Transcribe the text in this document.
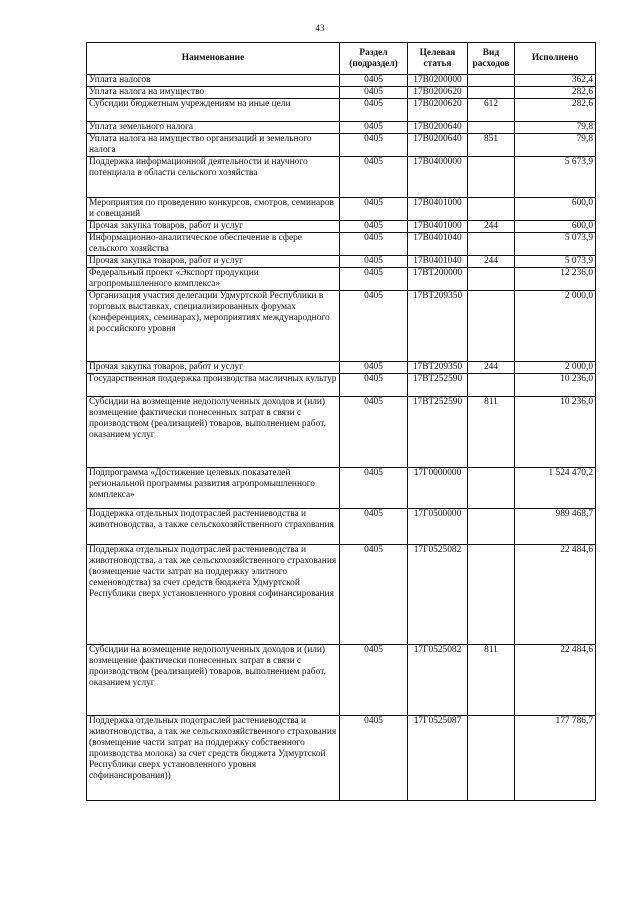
43
Наименование	Раздел (подраздел)	Целевая статья	Вид расходов	Исполнено
Уплата налогов	0405	17В0200000		362,4
Уплата налога на имущество	0405	17В0200620		282,6
Субсидии бюджетным учреждениям на иные цели	0405	17В0200620	612	282,6
Уплата земельного налога	0405	17В0200640		79,8
Уплата налога на имущество организаций и земельного налога	0405	17В0200640	851	79,8
Поддержка информационной деятельности и научного потенциала в области сельского хозяйства	0405	17В0400000		5 673,9
Мероприятия по проведению конкурсов, смотров, семинаров и совещаний	0405	17В0401000		600,0
Прочая закупка товаров, работ и услуг	0405	17В0401000	244	600,0
Информационно-аналитическое обеспечение в сфере сельского хозяйства	0405	17В0401040		5 073,9
Прочая закупка товаров, работ и услуг	0405	17В0401040	244	5 073,9
Федеральный проект «Экспорт продукции агропромышленного комплекса»	0405	17ВТ200000		12 236,0
Организация участия делегации Удмуртской Республики в торговых выставках, специализированных форумах (конференциях, семинарах), мероприятиях международного и российского уровня	0405	17ВТ209350		2 000,0
Прочая закупка товаров, работ и услуг	0405	17ВТ209350	244	2 000,0
Государственная поддержка производства масличных культур	0405	17ВТ252590		10 236,0
Субсидии на возмещение недополученных доходов и (или) возмещение фактически понесенных затрат в связи с производством (реализацией) товаров, выполнением работ, оказанием услуг	0405	17ВТ252590	811	10 236,0
Подпрограмма «Достижение целевых показателей региональной программы развития агропромышленного комплекса»	0405	17Г0000000		1 524 470,2
Поддержка отдельных подотраслей растениеводства и животноводства, а также сельскохозяйственного страхования	0405	17Г0500000		989 468,7
Поддержка отдельных подотраслей растениеводства и животноводства, а так же сельскохозяйственного страхования (возмещение части затрат на поддержку элитного семеноводства) за счет средств бюджета Удмуртской Республики сверх установленного уровня софинансирования	0405	17Г0525082		22 484,6
Субсидии на возмещение недополученных доходов и (или) возмещение фактически понесенных затрат в связи с производством (реализацией) товаров, выполнением работ, оказанием услуг	0405	17Г0525082	811	22 484,6
Поддержка отдельных подотраслей растениеводства и животноводства, а так же сельскохозяйственного страхования (возмещение части затрат на поддержку собственного производства молока) за счет средств бюджета Удмуртской Республики сверх установленного уровня софинансирования))	0405	17Г0525087		177 786,7
